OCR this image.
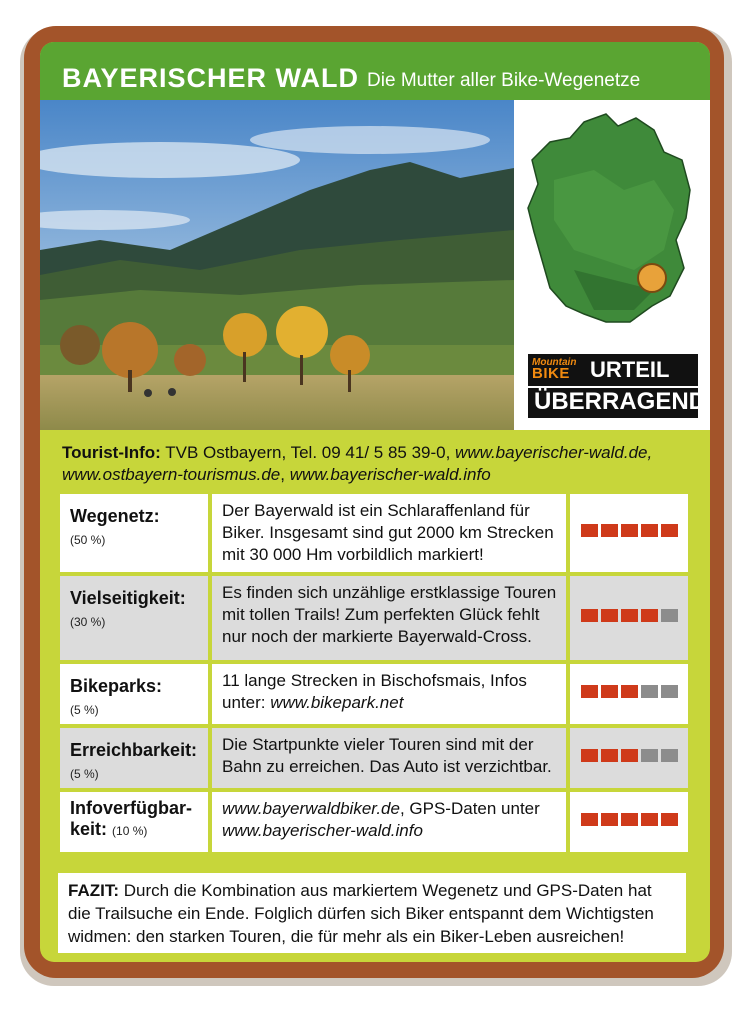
BAYERISCHER WALD Die Mutter aller Bike-Wegenetze
Mountain
BIKE URTEIL
ÜBERRAGEND
Tourist-Info: TVB Ostbayern, Tel. 09 41/ 5 85 39-0, www.bayerischer-wald.de,
www.ostbayern-tourismus.de, www.bayerischer-wald.info
Wegenetz:
(50 %)	Der Bayerwald ist ein Schlaraffenland für Biker. Insgesamt sind gut 2000 km Strecken mit 30 000 Hm vorbildlich markiert!	

Vielseitigkeit:
(30 %)	Es finden sich unzählige erstklassige Touren mit tollen Trails! Zum perfekten Glück fehlt nur noch der markierte Bayerwald-Cross.	

Bikeparks:
(5 %)	11 lange Strecken in Bischofsmais, Infos unter: www.bikepark.net	

Erreichbarkeit:
(5 %)	Die Startpunkte vieler Touren sind mit der Bahn zu erreichen. Das Auto ist verzichtbar.	

Infoverfügbar-
keit: (10 %)	www.bayerwaldbiker.de, GPS-Daten unter
www.bayerischer-wald.info	
FAZIT: Durch die Kombination aus markiertem Wegenetz und GPS-Daten hat die Trailsuche ein Ende. Folglich dürfen sich Biker entspannt dem Wichtigsten widmen: den starken Touren, die für mehr als ein Biker-Leben ausreichen!
